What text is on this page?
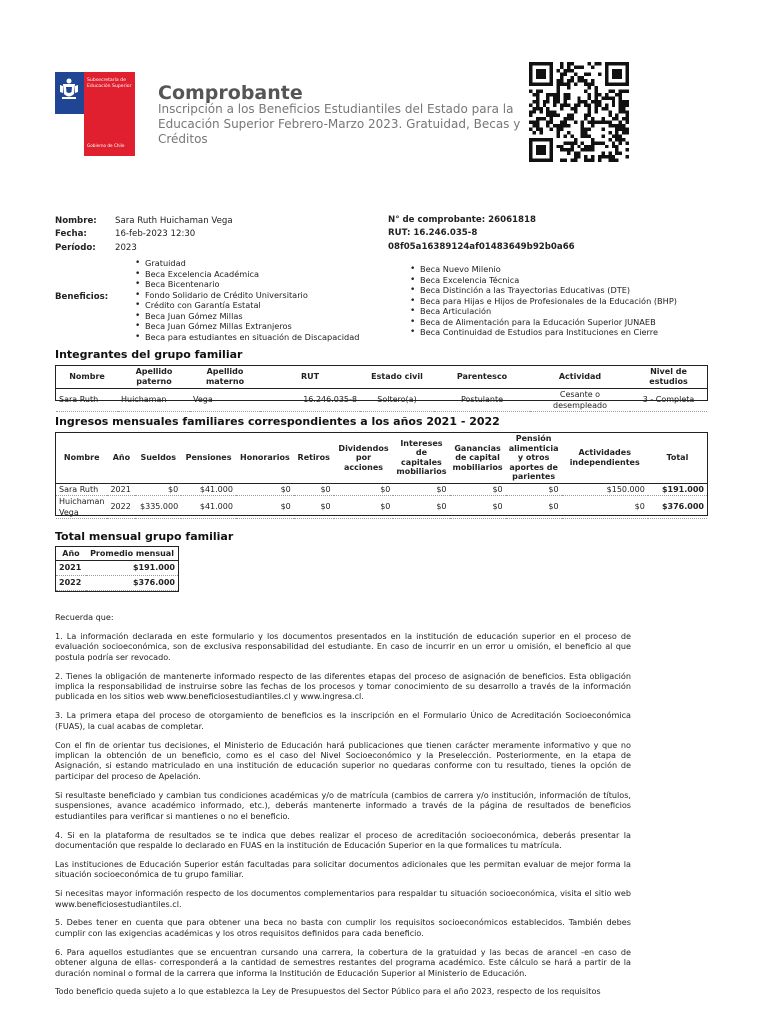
Subsecretaría de Educación Superior
Gobierno de Chile
Comprobante
Inscripción a los Beneficios Estudiantiles del Estado para la Educación Superior Febrero-Marzo 2023. Gratuidad, Becas y Créditos
Nombre: Sara Ruth Huichaman Vega
Fecha:	16-feb-2023 12:30
Período: 2023
N° de comprobante: 26061818
RUT: 16.246.035-8
08f05a16389124af01483649b92b0a66
Beneficios:
• Gratuidad
• Beca Excelencia Académica
• Beca Bicentenario
• Fondo Solidario de Crédito Universitario
• Crédito con Garantía Estatal
• Beca Juan Gómez Millas
• Beca Juan Gómez Millas Extranjeros
• Beca para estudiantes en situación de Discapacidad
• Beca Nuevo Milenio
• Beca Excelencia Técnica
• Beca Distinción a las Trayectorias Educativas (DTE)
• Beca para Hijas e Hijos de Profesionales de la Educación (BHP)
• Beca Articulación
• Beca de Alimentación para la Educación Superior JUNAEB
• Beca Continuidad de Estudios para Instituciones en Cierre
Integrantes del grupo familiar
Nombre	Apellido paterno	Apellido materno	RUT	Estado civil	Parentesco	Actividad	Nivel de estudios
Sara Ruth	Huichaman	Vega	16.246.035-8	Soltero(a)	Postulante	Cesante o desempleado	3 - Completa
Ingresos mensuales familiares correspondientes a los años 2021 - 2022
Nombre	Año	Sueldos	Pensiones	Honorarios	Retiros	Dividendos por acciones	Intereses de capitales mobiliarios	Ganancias de capital mobiliarios	Pensión alimenticia y otros aportes de parientes	Actividades independientes	Total
Sara Ruth	2021	$0	$41.000	$0	$0	$0	$0	$0	$0	$150.000	$191.000
Huichaman Vega	2022	$335.000	$41.000	$0	$0	$0	$0	$0	$0	$0	$376.000
Total mensual grupo familiar
Año	Promedio mensual
2021	$191.000
2022	$376.000

Recuerda que:

1. La información declarada en este formulario y los documentos presentados en la institución de educación superior en el proceso de evaluación socioeconómica, son de exclusiva responsabilidad del estudiante. En caso de incurrir en un error u omisión, el beneficio al que postula podría ser revocado.

2. Tienes la obligación de mantenerte informado respecto de las diferentes etapas del proceso de asignación de beneficios. Esta obligación implica la responsabilidad de instruirse sobre las fechas de los procesos y tomar conocimiento de su desarrollo a través de la información publicada en los sitios web www.beneficiosestudiantiles.cl y www.ingresa.cl.

3. La primera etapa del proceso de otorgamiento de beneficios es la inscripción en el Formulario Único de Acreditación Socioeconómica (FUAS), la cual acabas de completar.

Con el fin de orientar tus decisiones, el Ministerio de Educación hará publicaciones que tienen carácter meramente informativo y que no implican la obtención de un beneficio, como es el caso del Nivel Socioeconómico y la Preselección. Posteriormente, en la etapa de Asignación, si estando matriculado en una institución de educación superior no quedaras conforme con tu resultado, tienes la opción de participar del proceso de Apelación.

Si resultaste beneficiado y cambian tus condiciones académicas y/o de matrícula (cambios de carrera y/o institución, información de títulos, suspensiones, avance académico informado, etc.), deberás mantenerte informado a través de la página de resultados de beneficios estudiantiles para verificar si mantienes o no el beneficio.

4. Si en la plataforma de resultados se te indica que debes realizar el proceso de acreditación socioeconómica, deberás presentar la documentación que respalde lo declarado en FUAS en la institución de Educación Superior en la que formalices tu matrícula.

Las instituciones de Educación Superior están facultadas para solicitar documentos adicionales que les permitan evaluar de mejor forma la situación socioeconómica de tu grupo familiar.

Si necesitas mayor información respecto de los documentos complementarios para respaldar tu situación socioeconómica, visita el sitio web www.beneficiosestudiantiles.cl.

5. Debes tener en cuenta que para obtener una beca no basta con cumplir los requisitos socioeconómicos establecidos. También debes cumplir con las exigencias académicas y los otros requisitos definidos para cada beneficio.

6. Para aquellos estudiantes que se encuentran cursando una carrera, la cobertura de la gratuidad y las becas de arancel -en caso de obtener alguna de ellas- corresponderá a la cantidad de semestres restantes del programa académico. Este cálculo se hará a partir de la duración nominal o formal de la carrera que informa la Institución de Educación Superior al Ministerio de Educación.

Todo beneficio queda sujeto a lo que establezca la Ley de Presupuestos del Sector Público para el año 2023, respecto de los requisitos
